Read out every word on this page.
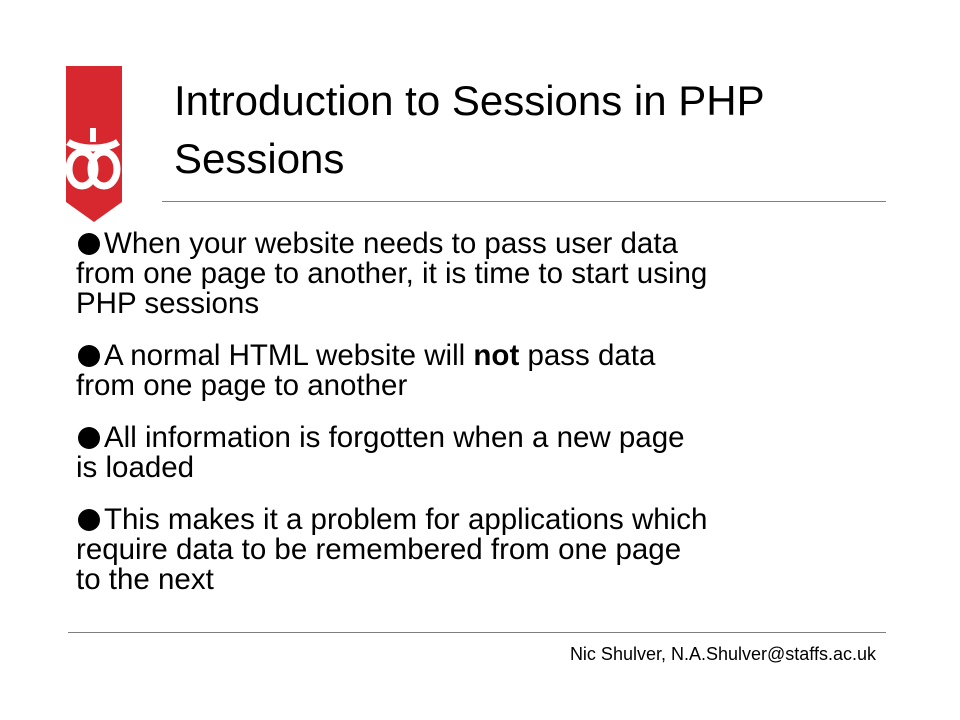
Introduction to Sessions in PHP
Sessions
When your website needs to pass user data
from one page to another, it is time to start using
PHP sessions
A normal HTML website will not pass data
from one page to another
All information is forgotten when a new page
is loaded
This makes it a problem for applications which
require data to be remembered from one page
to the next
Nic Shulver, N.A.Shulver@staffs.ac.uk
